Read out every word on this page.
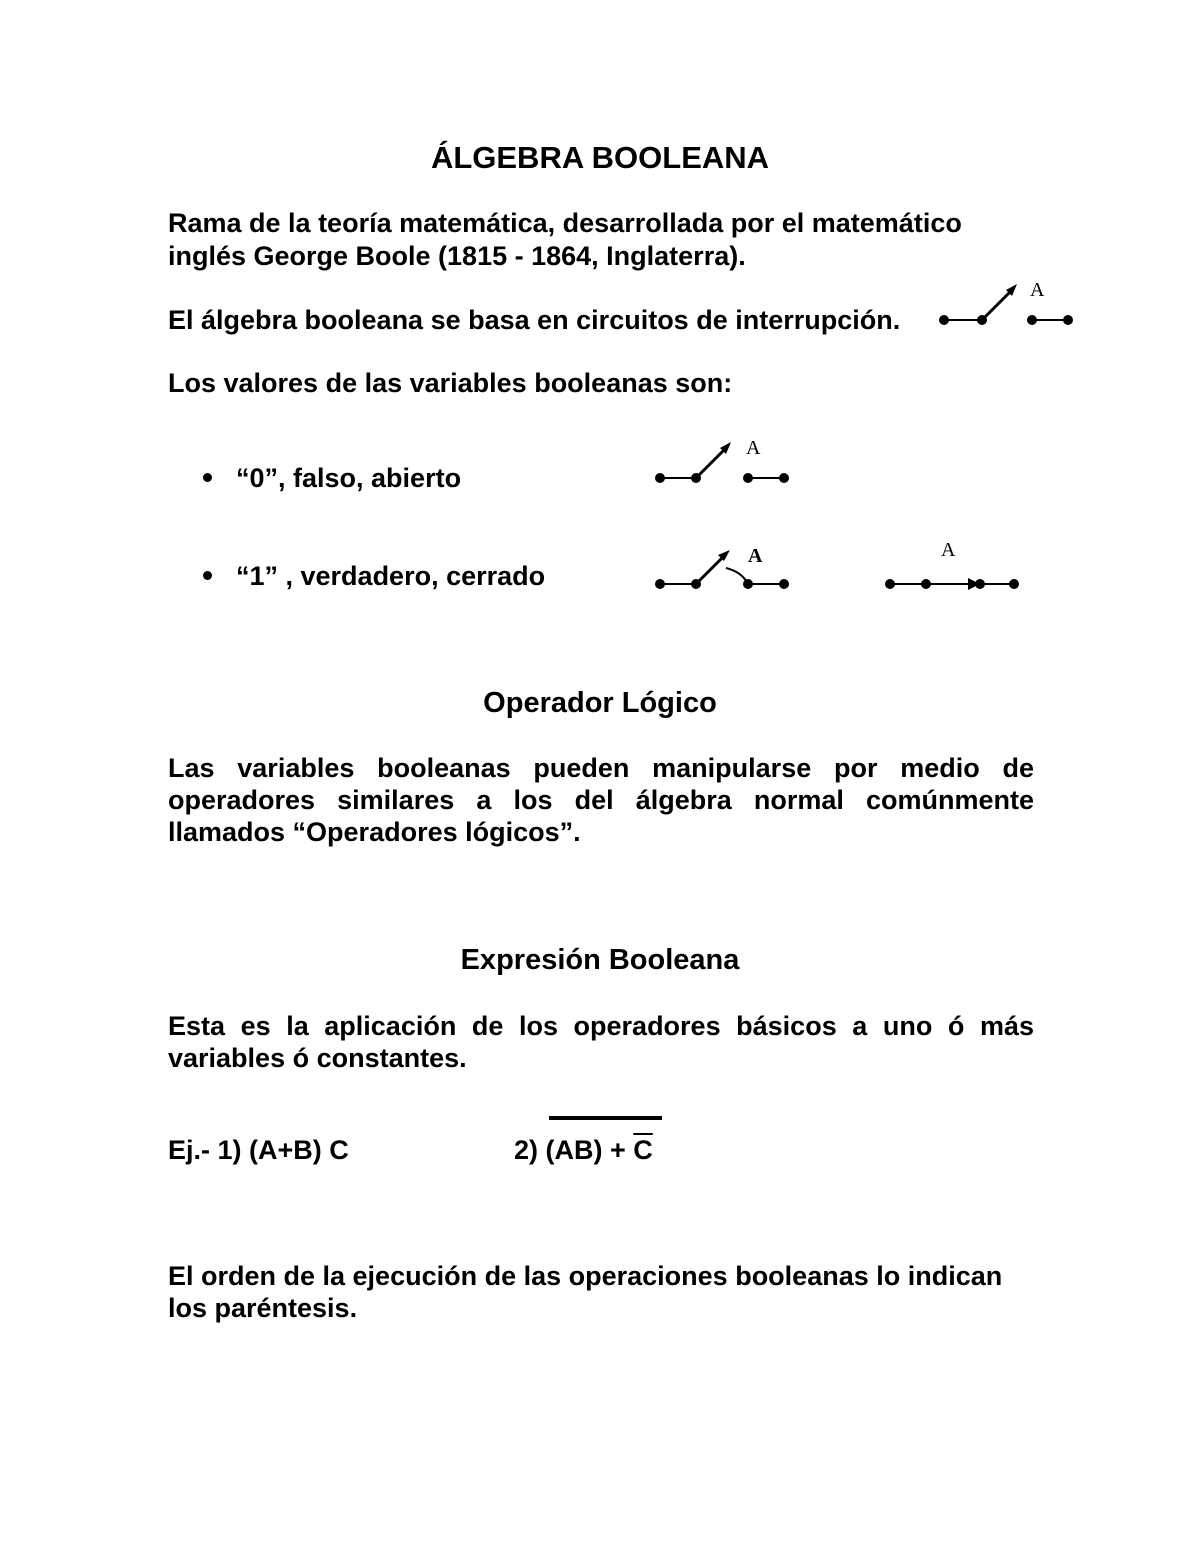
ÁLGEBRA BOOLEANA
Rama de la teoría matemática, desarrollada por el matemático
inglés George Boole (1815 - 1864, Inglaterra).
El álgebra booleana se basa en circuitos de interrupción.
A
Los valores de las variables booleanas son:
“0”, falso, abierto
A
“1” , verdadero, cerrado
A	A
Operador Lógico
Las variables booleanas pueden manipularse por medio de
operadores similares a los del álgebra normal comúnmente
llamados “Operadores lógicos”.
Expresión Booleana
Esta es la aplicación de los operadores básicos a uno ó más
variables ó constantes.
Ej.- 1) (A+B) C	2) $(AB) + \overline{C}$
El orden de la ejecución de las operaciones booleanas lo indican
los paréntesis.
